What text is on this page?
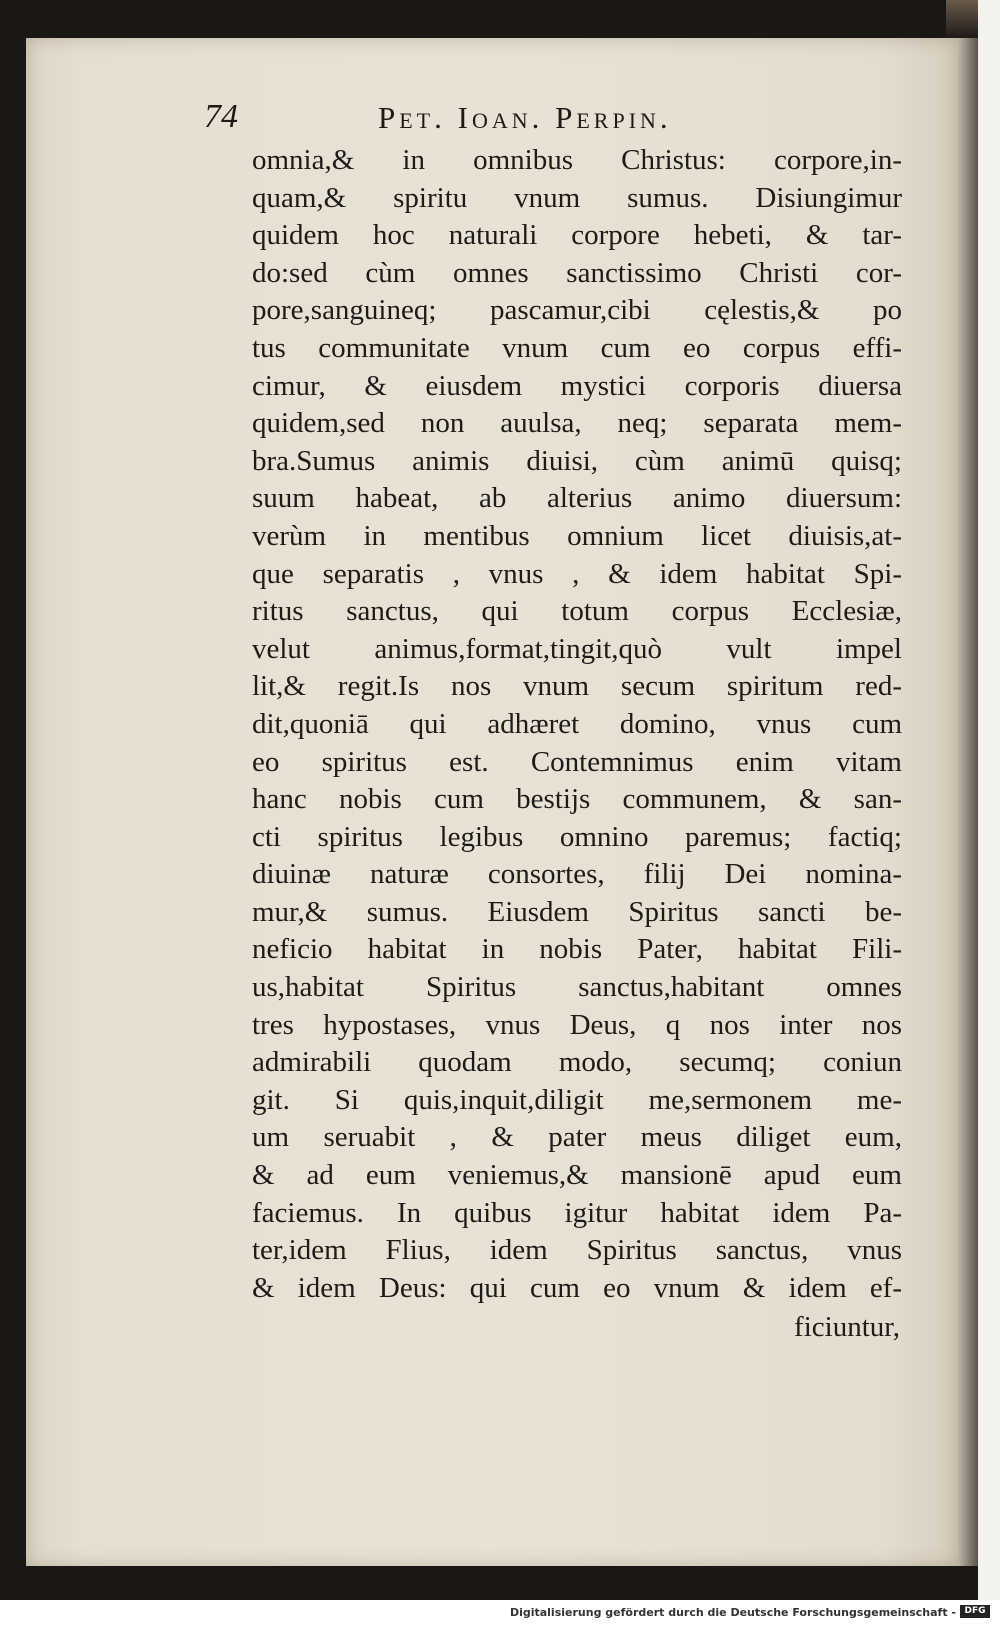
74	Pet. Ioan. Perpin.
omnia,& in omnibus Christus: corpore,in-
quam,& spiritu vnum sumus. Disiungimur
quidem hoc naturali corpore hebeti, & tar-
do:sed cùm omnes sanctissimo Christi cor-
pore,sanguineq; pascamur,cibi cęlestis,& po
tus communitate vnum cum eo corpus effi-
cimur, & eiusdem mystici corporis diuersa
quidem,sed non auulsa, neq; separata mem-
bra.Sumus animis diuisi, cùm animū quisq;
suum habeat, ab alterius animo diuersum:
verùm in mentibus omnium licet diuisis,at-
que separatis , vnus , & idem habitat Spi-
ritus sanctus, qui totum corpus Ecclesiæ,
velut animus,format,tingit,quò vult impel
lit,& regit.Is nos vnum secum spiritum red-
dit,quoniā qui adhæret domino, vnus cum
eo spiritus est. Contemnimus enim vitam
hanc nobis cum bestijs communem, & san-
cti spiritus legibus omnino paremus; factiq;
diuinæ naturæ consortes, filij Dei nomina-
mur,& sumus. Eiusdem Spiritus sancti be-
neficio habitat in nobis Pater, habitat Fili-
us,habitat Spiritus sanctus,habitant omnes
tres hypostases, vnus Deus, q nos inter nos
admirabili quodam modo, secumq; coniun
git. Si quis,inquit,diligit me,sermonem me-
um seruabit , & pater meus diliget eum,
& ad eum veniemus,& mansionē apud eum
faciemus. In quibus igitur habitat idem Pa-
ter,idem Flius, idem Spiritus sanctus, vnus
& idem Deus: qui cum eo vnum & idem ef-
ficiuntur,
Digitalisierung gefördert durch die Deutsche Forschungsgemeinschaft - DFG
